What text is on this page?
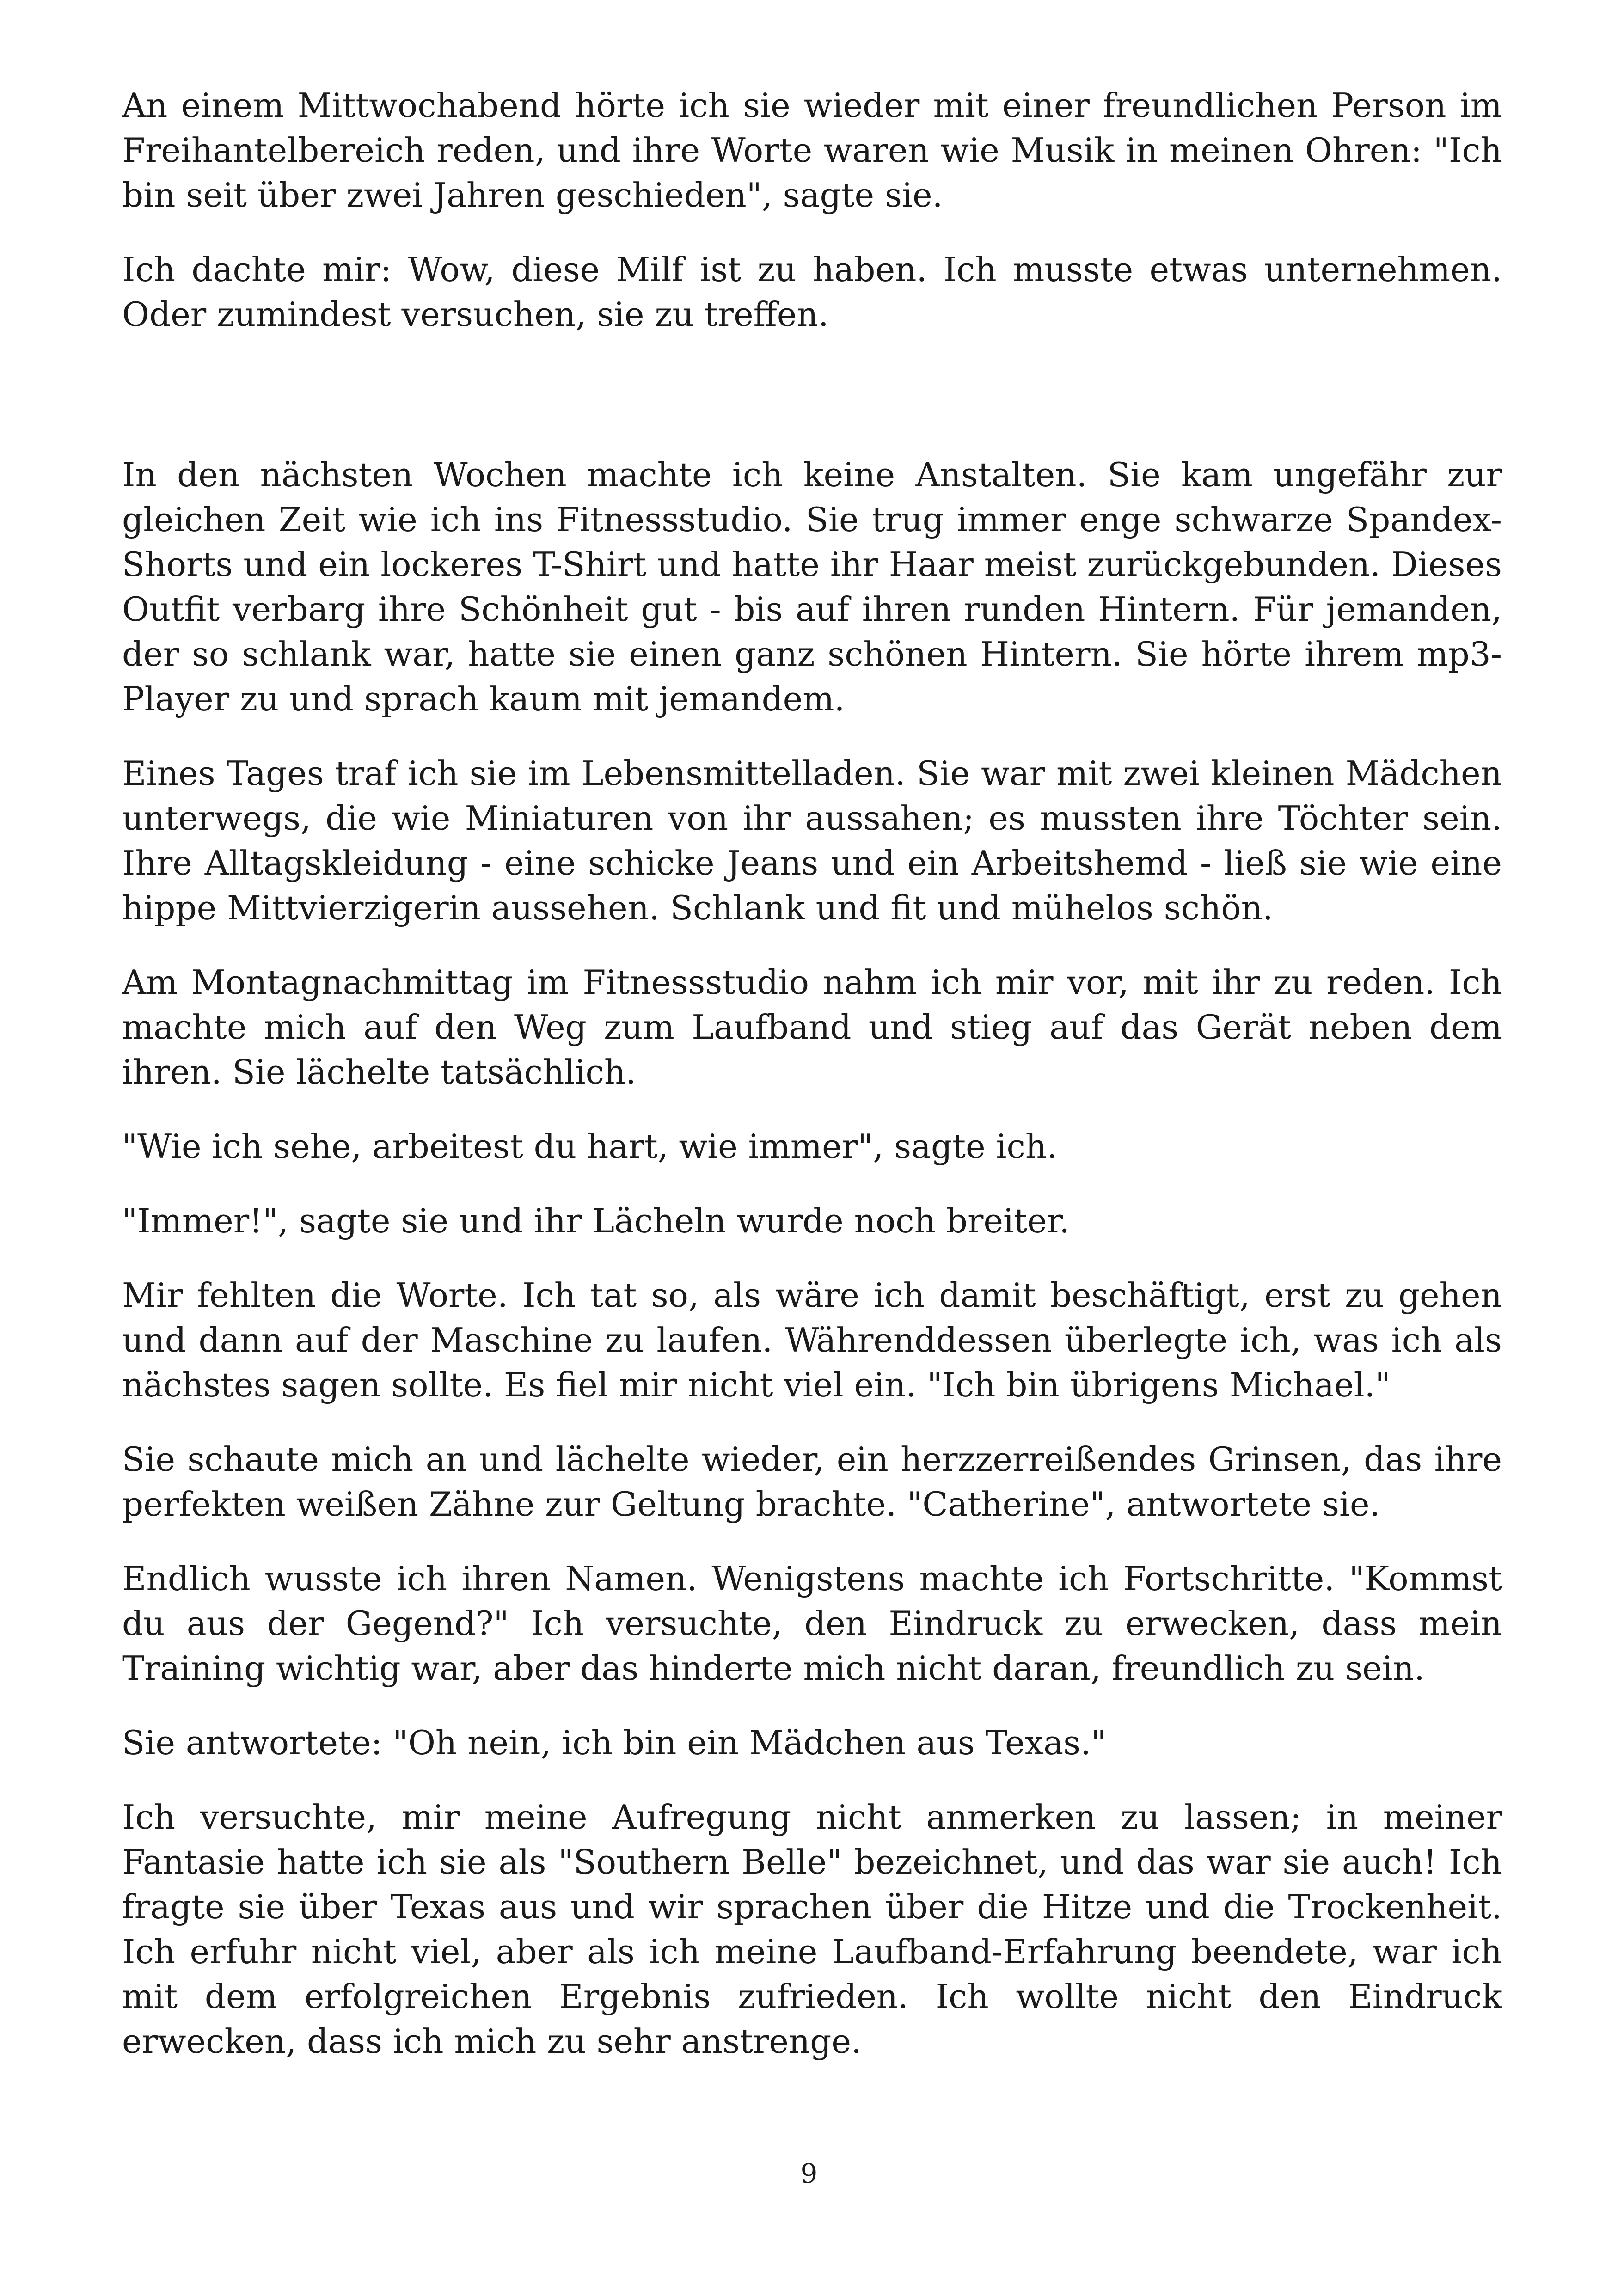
An einem Mittwochabend hörte ich sie wieder mit einer freundlichen Person im Freihantelbereich reden, und ihre Worte waren wie Musik in meinen Ohren: "Ich bin seit über zwei Jahren geschieden", sagte sie.

Ich dachte mir: Wow, diese Milf ist zu haben. Ich musste etwas unternehmen. Oder zumindest versuchen, sie zu treffen.

In den nächsten Wochen machte ich keine Anstalten. Sie kam ungefähr zur gleichen Zeit wie ich ins Fitnessstudio. Sie trug immer enge schwarze Spandex-Shorts und ein lockeres T-Shirt und hatte ihr Haar meist zurückgebunden. Dieses Outfit verbarg ihre Schönheit gut - bis auf ihren runden Hintern. Für jemanden, der so schlank war, hatte sie einen ganz schönen Hintern. Sie hörte ihrem mp3-Player zu und sprach kaum mit jemandem.

Eines Tages traf ich sie im Lebensmittelladen. Sie war mit zwei kleinen Mädchen unterwegs, die wie Miniaturen von ihr aussahen; es mussten ihre Töchter sein. Ihre Alltagskleidung - eine schicke Jeans und ein Arbeitshemd - ließ sie wie eine hippe Mittvierzigerin aussehen. Schlank und fit und mühelos schön.

Am Montagnachmittag im Fitnessstudio nahm ich mir vor, mit ihr zu reden. Ich machte mich auf den Weg zum Laufband und stieg auf das Gerät neben dem ihren. Sie lächelte tatsächlich.

"Wie ich sehe, arbeitest du hart, wie immer", sagte ich.

"Immer!", sagte sie und ihr Lächeln wurde noch breiter.

Mir fehlten die Worte. Ich tat so, als wäre ich damit beschäftigt, erst zu gehen und dann auf der Maschine zu laufen. Währenddessen überlegte ich, was ich als nächstes sagen sollte. Es fiel mir nicht viel ein. "Ich bin übrigens Michael."

Sie schaute mich an und lächelte wieder, ein herzzerreißendes Grinsen, das ihre perfekten weißen Zähne zur Geltung brachte. "Catherine", antwortete sie.

Endlich wusste ich ihren Namen. Wenigstens machte ich Fortschritte. "Kommst du aus der Gegend?" Ich versuchte, den Eindruck zu erwecken, dass mein Training wichtig war, aber das hinderte mich nicht daran, freundlich zu sein.

Sie antwortete: "Oh nein, ich bin ein Mädchen aus Texas."

Ich versuchte, mir meine Aufregung nicht anmerken zu lassen; in meiner Fantasie hatte ich sie als "Southern Belle" bezeichnet, und das war sie auch! Ich fragte sie über Texas aus und wir sprachen über die Hitze und die Trockenheit. Ich erfuhr nicht viel, aber als ich meine Laufband-Erfahrung beendete, war ich mit dem erfolgreichen Ergebnis zufrieden. Ich wollte nicht den Eindruck erwecken, dass ich mich zu sehr anstrenge.

9
